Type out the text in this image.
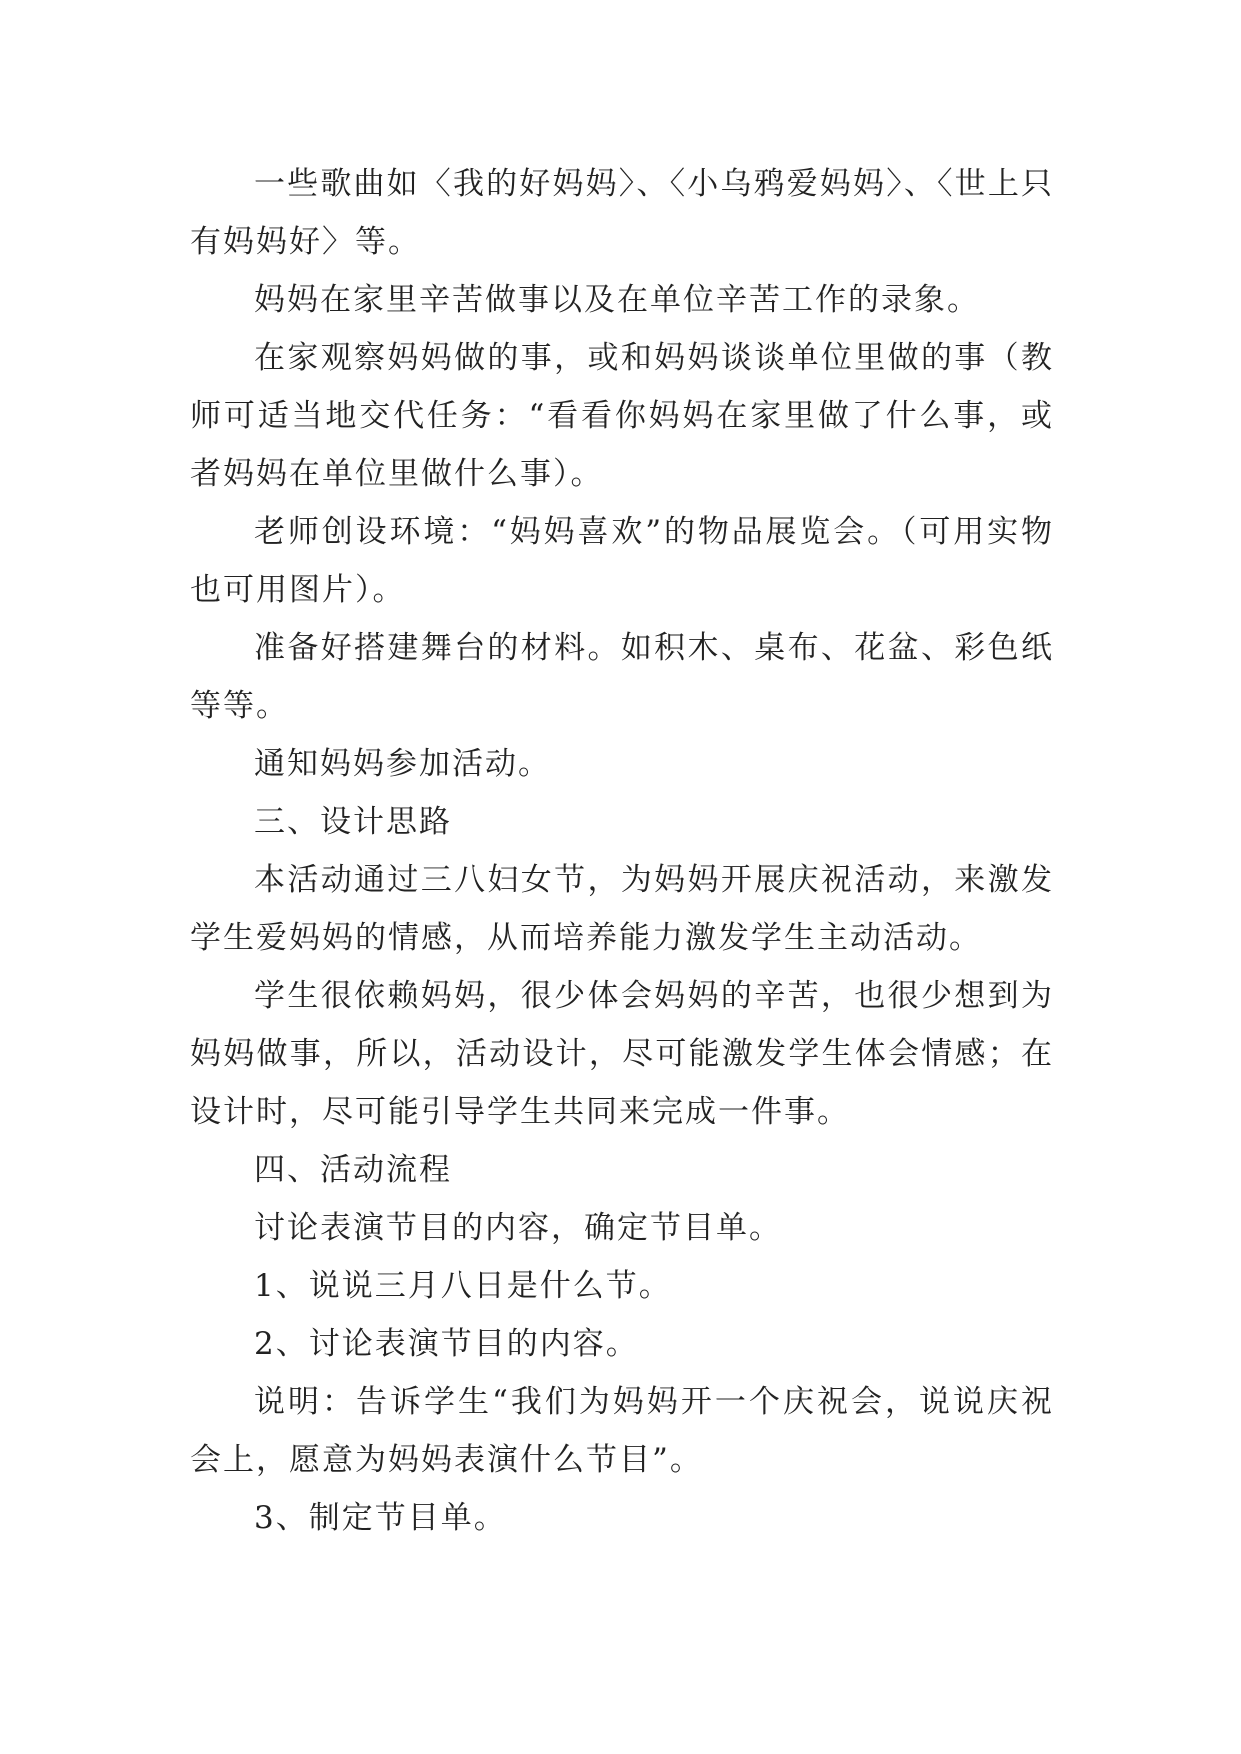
一些歌曲如〈我的好妈妈〉、〈小乌鸦爱妈妈〉、〈世上只有妈妈好〉等。

妈妈在家里辛苦做事以及在单位辛苦工作的录象。

在家观察妈妈做的事，或和妈妈谈谈单位里做的事（教师可适当地交代任务：“看看你妈妈在家里做了什么事，或者妈妈在单位里做什么事）。

老师创设环境：“妈妈喜欢”的物品展览会。（可用实物也可用图片）。

准备好搭建舞台的材料。如积木、桌布、花盆、彩色纸等等。

通知妈妈参加活动。

三、设计思路

本活动通过三八妇女节，为妈妈开展庆祝活动，来激发学生爱妈妈的情感，从而培养能力激发学生主动活动。

学生很依赖妈妈，很少体会妈妈的辛苦，也很少想到为妈妈做事，所以，活动设计，尽可能激发学生体会情感；在设计时，尽可能引导学生共同来完成一件事。

四、活动流程

讨论表演节目的内容，确定节目单。

1、说说三月八日是什么节。

2、讨论表演节目的内容。

说明：告诉学生“我们为妈妈开一个庆祝会，说说庆祝会上，愿意为妈妈表演什么节目”。

3、制定节目单。
